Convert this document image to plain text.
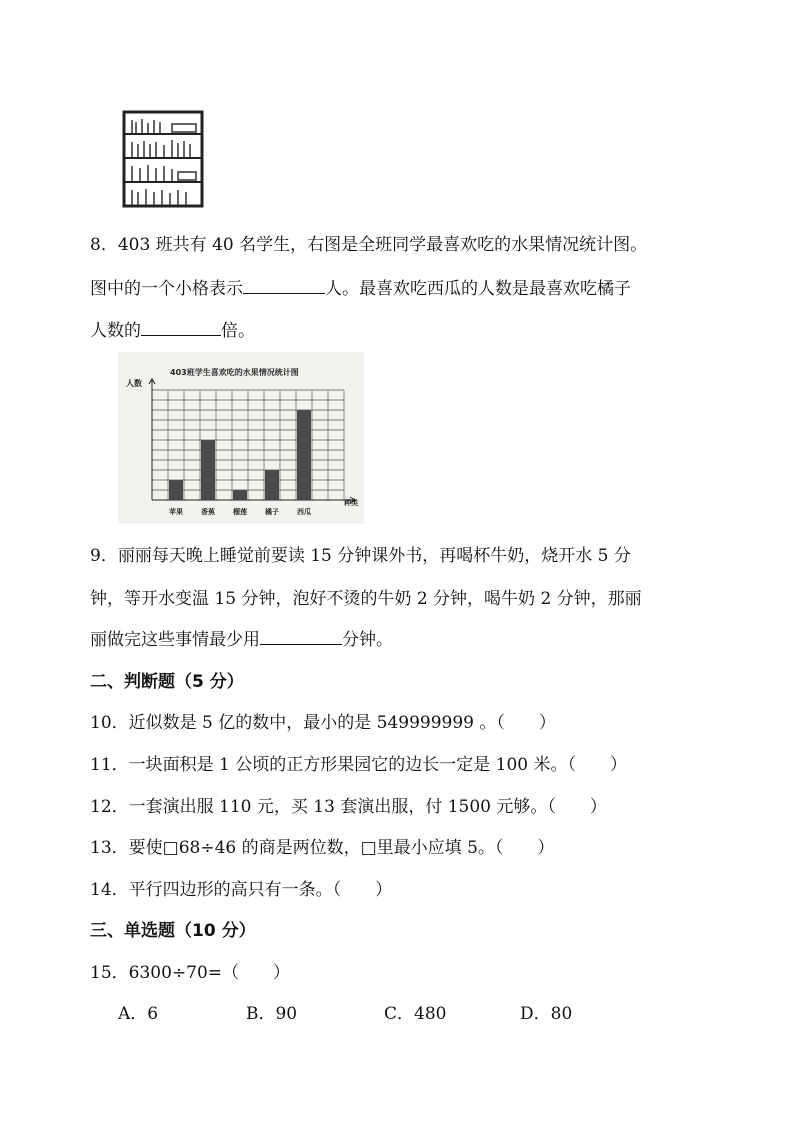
8．403 班共有 40 名学生，右图是全班同学最喜欢吃的水果情况统计图。
图中的一个小格表示	人。最喜欢吃西瓜的人数是最喜欢吃橘子
人数的	倍。
苹果	香蕉	榴莲	橘子	西瓜
403班学生喜欢吃的水果情况统计图
人数
种类
9．丽丽每天晚上睡觉前要读 15 分钟课外书，再喝杯牛奶，烧开水 5 分
钟，等开水变温 15 分钟，泡好不烫的牛奶 2 分钟，喝牛奶 2 分钟，那丽
丽做完这些事情最少用	分钟。
二、判断题（5 分）
10．近似数是 5 亿的数中，最小的是 549999999 。（　　）
11．一块面积是 1 公顷的正方形果园它的边长一定是 100 米。（　　）
12．一套演出服 110 元，买 13 套演出服，付 1500 元够。（　　）
13．要使□68÷46 的商是两位数，□里最小应填 5。（　　）
14．平行四边形的高只有一条。（　　）
三、单选题（10 分）
15．6300÷70=（　　）
A．6	B．90	C．480	D．80
